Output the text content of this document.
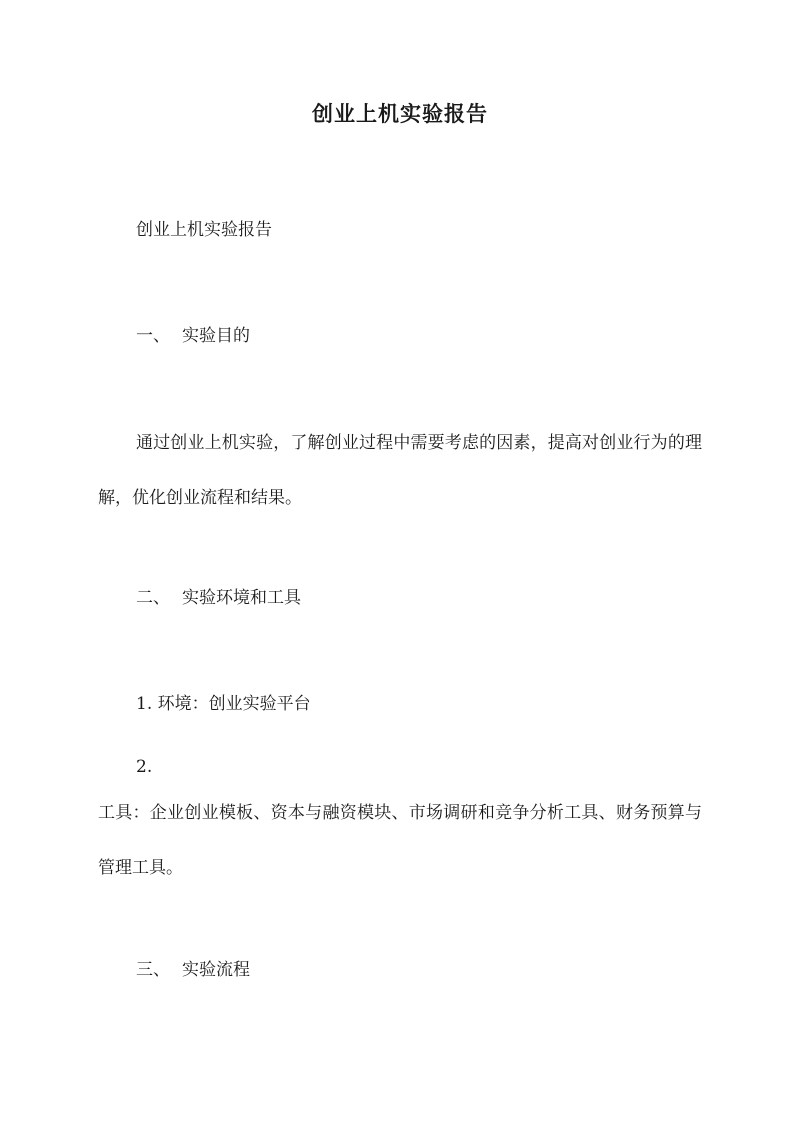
创业上机实验报告
创业上机实验报告
一、 实验目的
通过创业上机实验，了解创业过程中需要考虑的因素，提高对创业行为的理解，优化创业流程和结果。
二、 实验环境和工具
1. 环境：创业实验平台
2.
工具：企业创业模板、资本与融资模块、市场调研和竞争分析工具、财务预算与管理工具。
三、 实验流程
